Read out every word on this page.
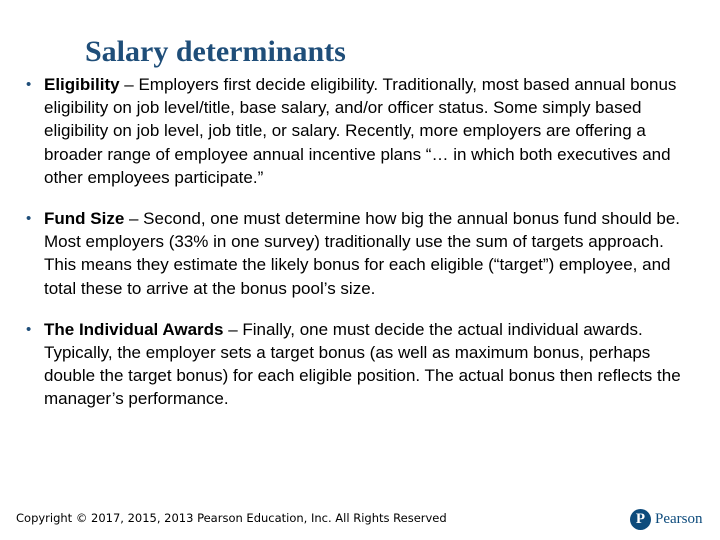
Salary determinants
• Eligibility – Employers first decide eligibility. Traditionally, most based annual bonus eligibility on job level/title, base salary, and/or officer status. Some simply based eligibility on job level, job title, or salary. Recently, more employers are offering a broader range of employee annual incentive plans “… in which both executives and other employees participate.”
• Fund Size – Second, one must determine how big the annual bonus fund should be. Most employers (33% in one survey) traditionally use the sum of targets approach. This means they estimate the likely bonus for each eligible (“target”) employee, and total these to arrive at the bonus pool’s size.
• The Individual Awards – Finally, one must decide the actual individual awards. Typically, the employer sets a target bonus (as well as maximum bonus, perhaps double the target bonus) for each eligible position. The actual bonus then reflects the manager’s performance.
Copyright © 2017, 2015, 2013 Pearson Education, Inc. All Rights Reserved	P Pearson
